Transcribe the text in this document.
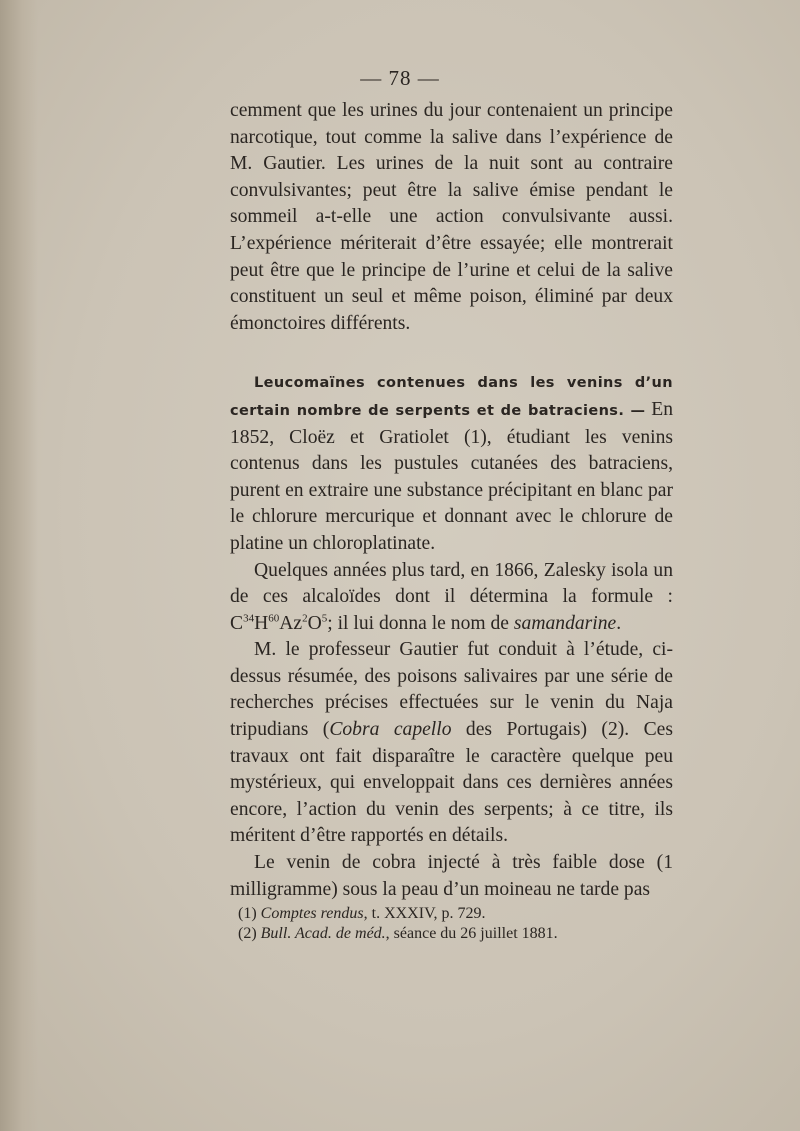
— 78 —

cemment que les urines du jour contenaient un principe narcotique, tout comme la salive dans l’expérience de M. Gautier. Les urines de la nuit sont au contraire convulsivantes; peut être la salive émise pendant le sommeil a-t-elle une action convulsivante aussi. L’expérience mériterait d’être essayée; elle montrerait peut être que le principe de l’urine et celui de la salive constituent un seul et même poison, éliminé par deux émonctoires différents.

Leucomaïnes contenues dans les venins d’un certain nombre de serpents et de batraciens. — En 1852, Cloëz et Gratiolet (1), étudiant les venins contenus dans les pustules cutanées des batraciens, purent en extraire une substance précipitant en blanc par le chlorure mercurique et donnant avec le chlorure de platine un chloroplatinate.

Quelques années plus tard, en 1866, Zalesky isola un de ces alcaloïdes dont il détermina la formule : $C^{34}H^{60}Az^2O^5$; il lui donna le nom de samandarine.

M. le professeur Gautier fut conduit à l’étude, ci-dessus résumée, des poisons salivaires par une série de recherches précises effectuées sur le venin du Naja tripudians (Cobra capello des Portugais) (2). Ces travaux ont fait disparaître le caractère quelque peu mystérieux, qui enveloppait dans ces dernières années encore, l’action du venin des serpents; à ce titre, ils méritent d’être rapportés en détails.

Le venin de cobra injecté à très faible dose (1 milligramme) sous la peau d’un moineau ne tarde pas

(1) Comptes rendus, t. XXXIV, p. 729.

(2) Bull. Acad. de méd., séance du 26 juillet 1881.
